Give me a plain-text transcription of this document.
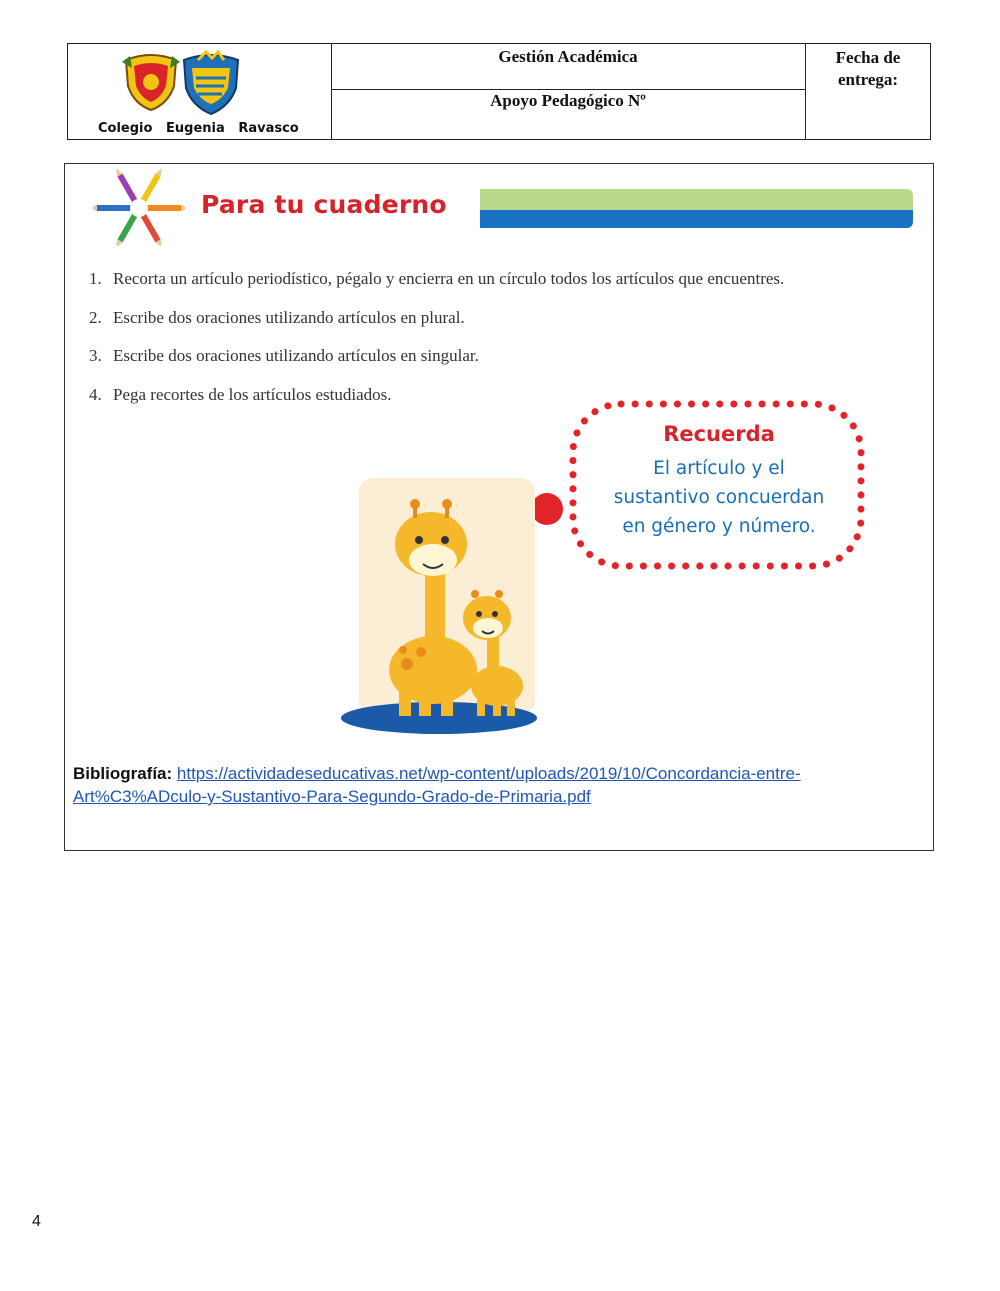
Colegio   Eugenia   Ravasco
Gestión Académica
Apoyo Pedagógico Nº
Fecha de
entrega:
Para tu cuaderno
1. Recorta un artículo periodístico, pégalo y encierra en un círculo todos los artículos que encuentres.
2. Escribe dos oraciones utilizando artículos en plural.
3. Escribe dos oraciones utilizando artículos en singular.
4. Pega recortes de los artículos estudiados.
Recuerda
El artículo y el
sustantivo concuerdan
en género y número.
Bibliografía: https://actividadeseducativas.net/wp-content/uploads/2019/10/Concordancia-entre-Art%C3%ADculo-y-Sustantivo-Para-Segundo-Grado-de-Primaria.pdf
4
